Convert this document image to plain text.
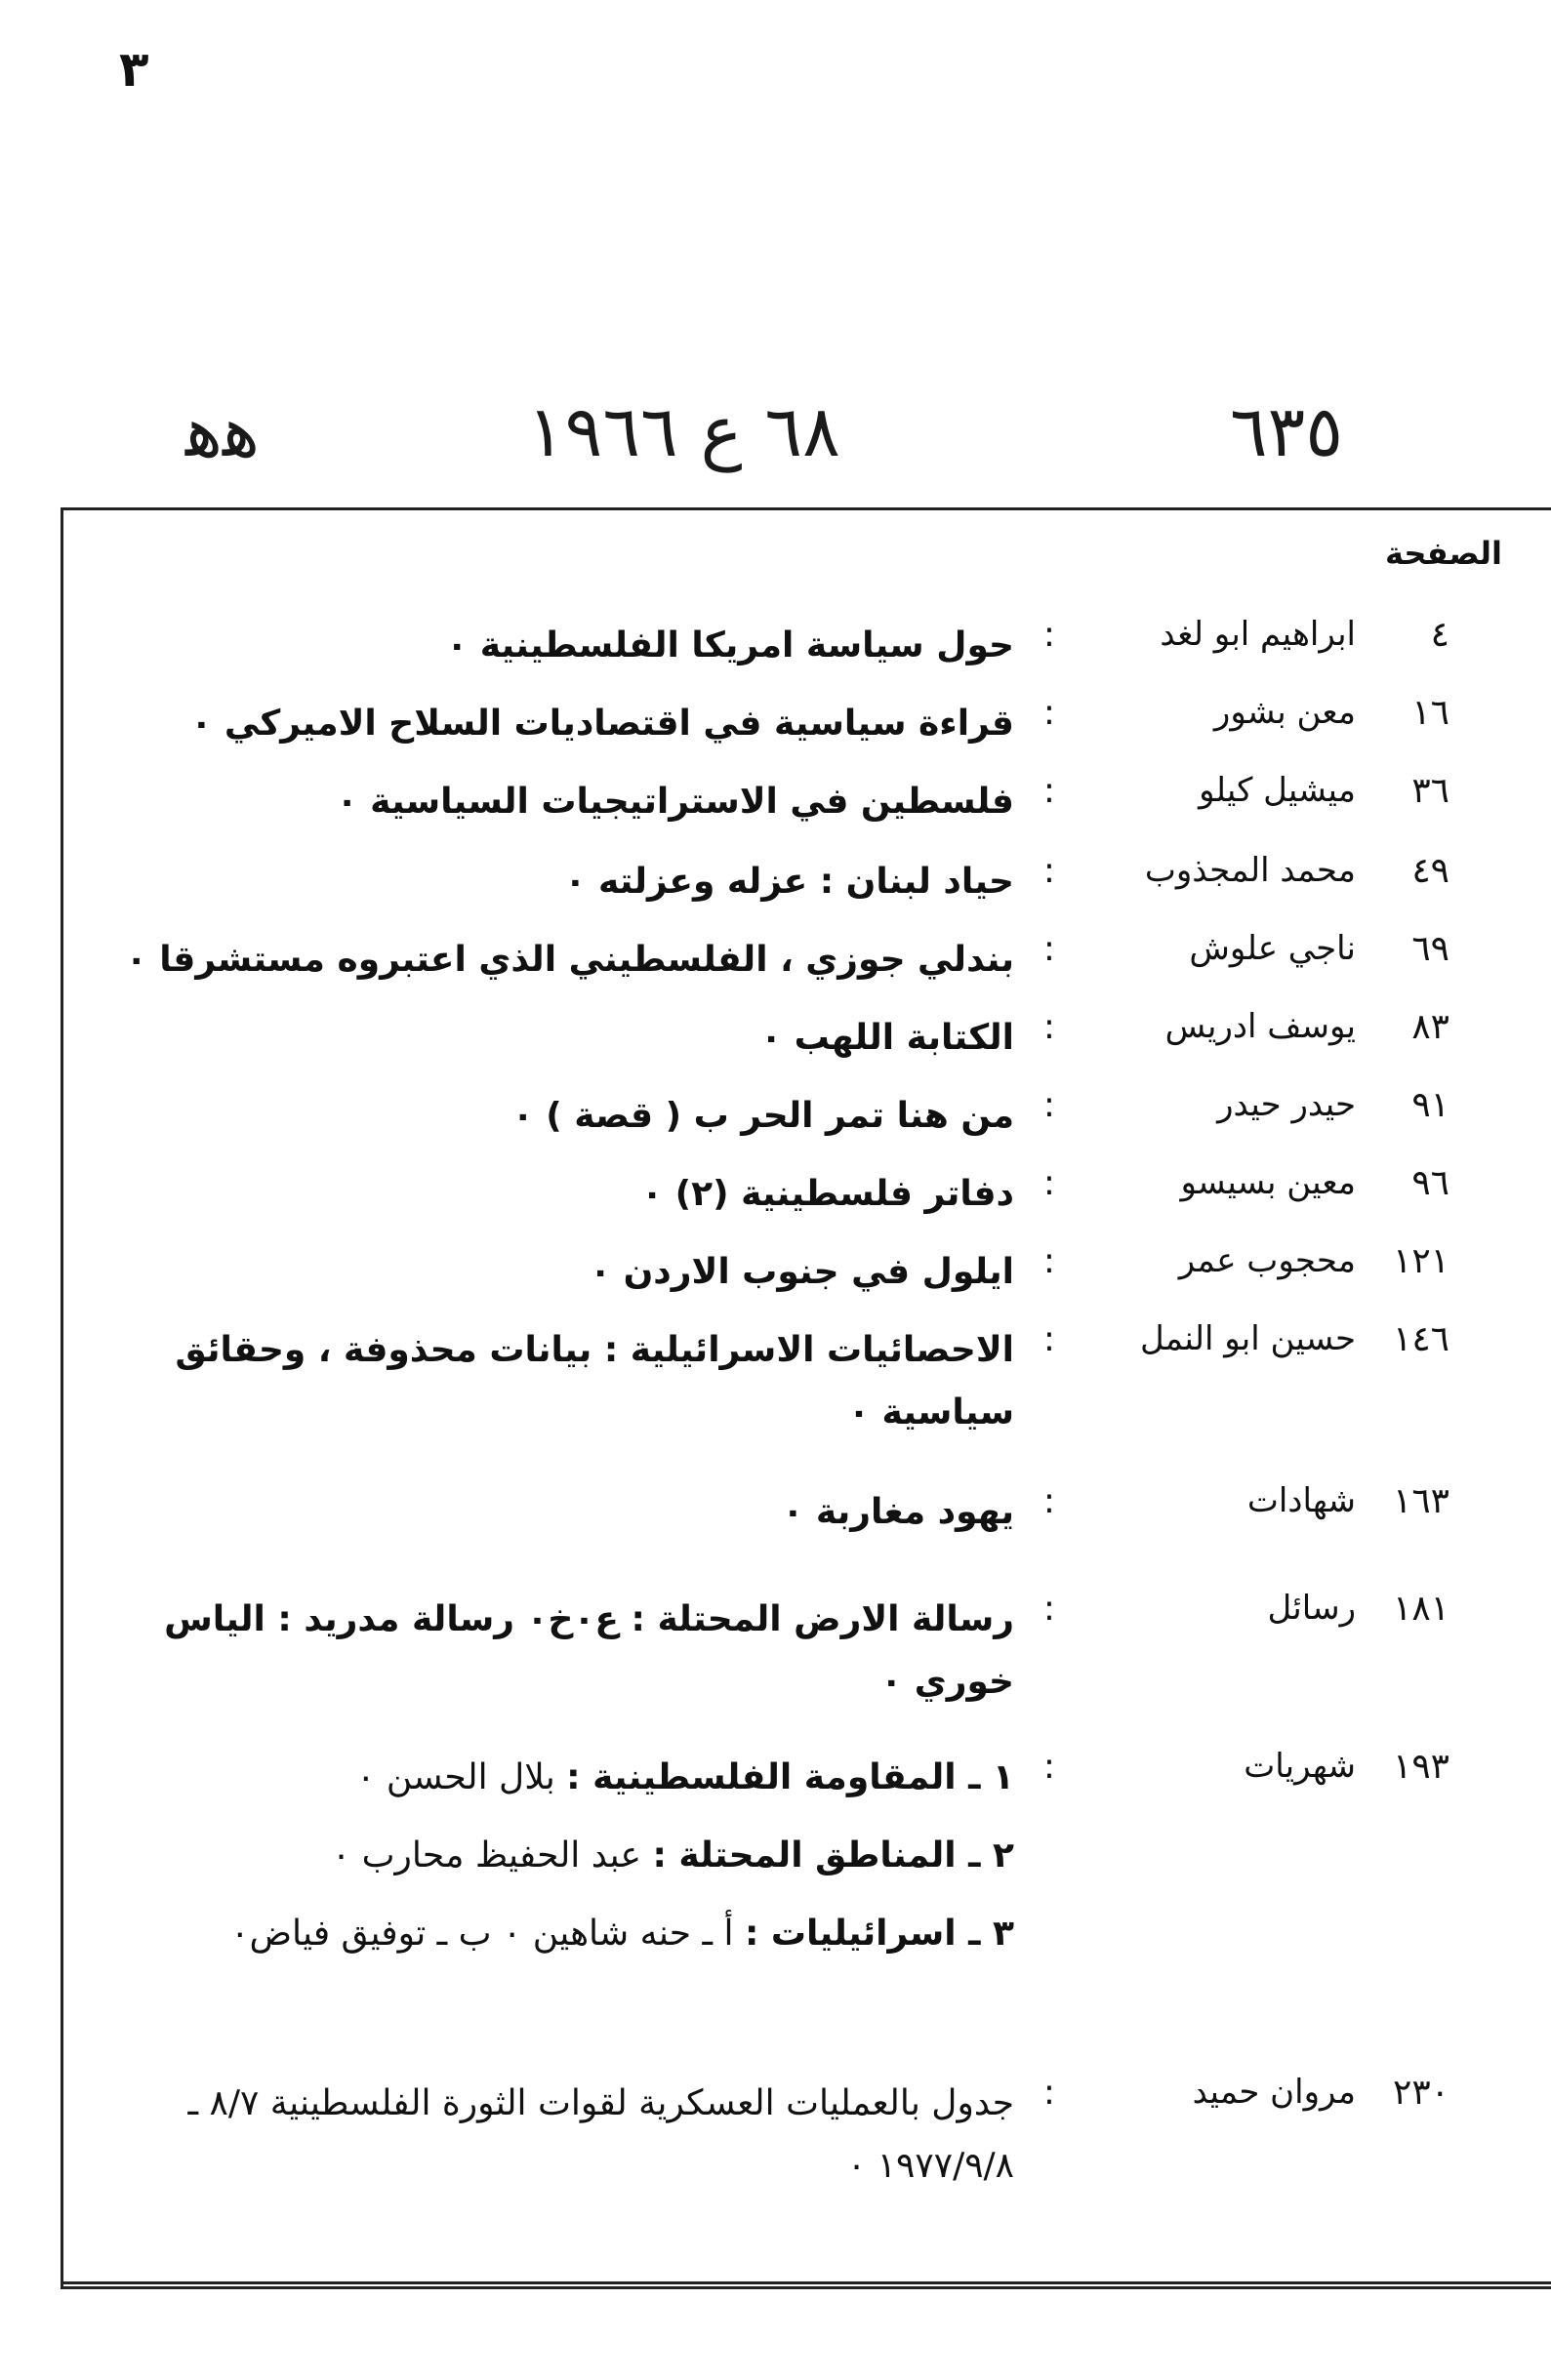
٣
ﻫﻫ	٦٨ ع ١٩٦٦	٦٣٥
الصفحة
٤
ابراهيم ابو لغد
:
حول سياسة امريكا الفلسطينية ٠
١٦
معن بشور
:
قراءة سياسية في اقتصاديات السلاح الاميركي ٠
٣٦
ميشيل كيلو
:
فلسطين في الاستراتيجيات السياسية ٠
٤٩
محمد المجذوب
:
حياد لبنان : عزله وعزلته ٠
٦٩
ناجي علوش
:
بندلي جوزي ، الفلسطيني الذي اعتبروه مستشرقا ٠
٨٣
يوسف ادريس
:
الكتابة اللهب ٠
٩١
حيدر حيدر
:
من هنا تمر الحر ب ( قصة ) ٠
٩٦
معين بسيسو
:
دفاتر فلسطينية (٢) ٠
١٢١
محجوب عمر
:
ايلول في جنوب الاردن ٠
١٤٦
حسين ابو النمل
:
الاحصائيات الاسرائيلية : بيانات محذوفة ، وحقائق سياسية ٠
١٦٣
شهادات
:
يهود مغاربة ٠
١٨١
رسائل
:
رسالة الارض المحتلة : ع٠خ٠ رسالة مدريد : الياس خوري ٠
١٩٣
شهريات
:
١ ـ المقاومة الفلسطينية : بلال الحسن ٠
٢ ـ المناطق المحتلة : عبد الحفيظ محارب ٠
٣ ـ اسرائيليات : أ ـ حنه شاهين ٠ ب ـ توفيق فياض٠
٢٣٠
مروان حميد
:
جدول بالعمليات العسكرية لقوات الثورة الفلسطينية ٨/٧ ـ ١٩٧٧/٩/٨ ٠
